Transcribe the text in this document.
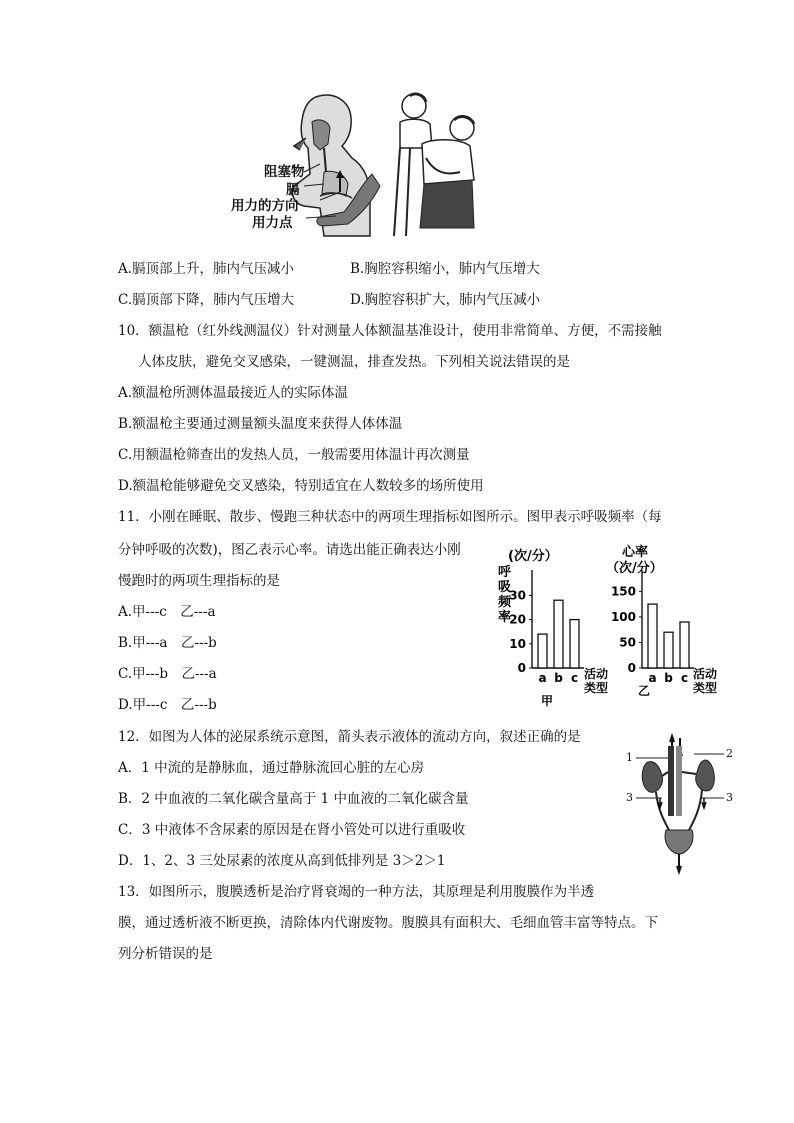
阻塞物
膈
用力的方向
用力点
A.膈顶部上升，肺内气压减小	B.胸腔容积缩小，肺内气压增大
C.膈顶部下降，肺内气压增大	D.胸腔容积扩大，肺内气压减小
10．额温枪（红外线测温仪）针对测量人体额温基准设计，使用非常简单、方便，不需接触
人体皮肤，避免交叉感染，一键测温，排查发热。下列相关说法错误的是
A.额温枪所测体温最接近人的实际体温
B.额温枪主要通过测量额头温度来获得人体体温
C.用额温枪筛查出的发热人员，一般需要用体温计再次测量
D.额温枪能够避免交叉感染，特别适宜在人数较多的场所使用
11．小刚在睡眠、散步、慢跑三种状态中的两项生理指标如图所示。图甲表示呼吸频率（每
分钟呼吸的次数)，图乙表示心率。请选出能正确表达小刚
慢跑时的两项生理指标的是
A.甲---c　乙---a
B.甲---a　乙---b
C.甲---b　乙---a
D.甲---c　乙---b
呼
吸
频
率
(次/分）
活动
类型
甲
心率
（次/分）
活动
类型
乙
0
10
20
30
a b c
0
50
100
150
a b c
12．如图为人体的泌尿系统示意图，箭头表示液体的流动方向，叙述正确的是
A．1 中流的是静脉血，通过静脉流回心脏的左心房
B．2 中血液的二氧化碳含量高于 1 中血液的二氧化碳含量
C．3 中液体不含尿素的原因是在肾小管处可以进行重吸收
D．1、2、3 三处尿素的浓度从高到低排列是 3＞2＞1
1	2
3	3
13．如图所示，腹膜透析是治疗肾衰竭的一种方法，其原理是利用腹膜作为半透
膜，通过透析液不断更换，清除体内代谢废物。腹膜具有面积大、毛细血管丰富等特点。下
列分析错误的是
